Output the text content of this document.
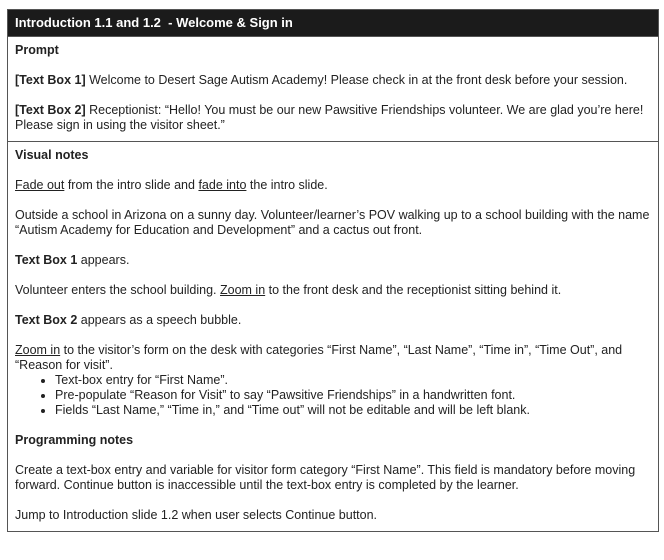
Introduction 1.1 and 1.2  - Welcome & Sign in

Prompt

[Text Box 1] Welcome to Desert Sage Autism Academy! Please check in at the front desk before your session.

[Text Box 2] Receptionist: “Hello! You must be our new Pawsitive Friendships volunteer. We are glad you’re here! Please sign in using the visitor sheet.”

Visual notes

Fade out from the intro slide and fade into the intro slide.

Outside a school in Arizona on a sunny day. Volunteer/learner’s POV walking up to a school building with the name “Autism Academy for Education and Development” and a cactus out front.

Text Box 1 appears.

Volunteer enters the school building. Zoom in to the front desk and the receptionist sitting behind it.

Text Box 2 appears as a speech bubble.

Zoom in to the visitor’s form on the desk with categories “First Name”, “Last Name”, “Time in”, “Time Out”, and “Reason for visit”.

• Text-box entry for “First Name”.
• Pre-populate “Reason for Visit” to say “Pawsitive Friendships” in a handwritten font.
• Fields “Last Name,” “Time in,” and “Time out” will not be editable and will be left blank.

Programming notes

Create a text-box entry and variable for visitor form category “First Name”. This field is mandatory before moving forward. Continue button is inaccessible until the text-box entry is completed by the learner.

Jump to Introduction slide 1.2 when user selects Continue button.
